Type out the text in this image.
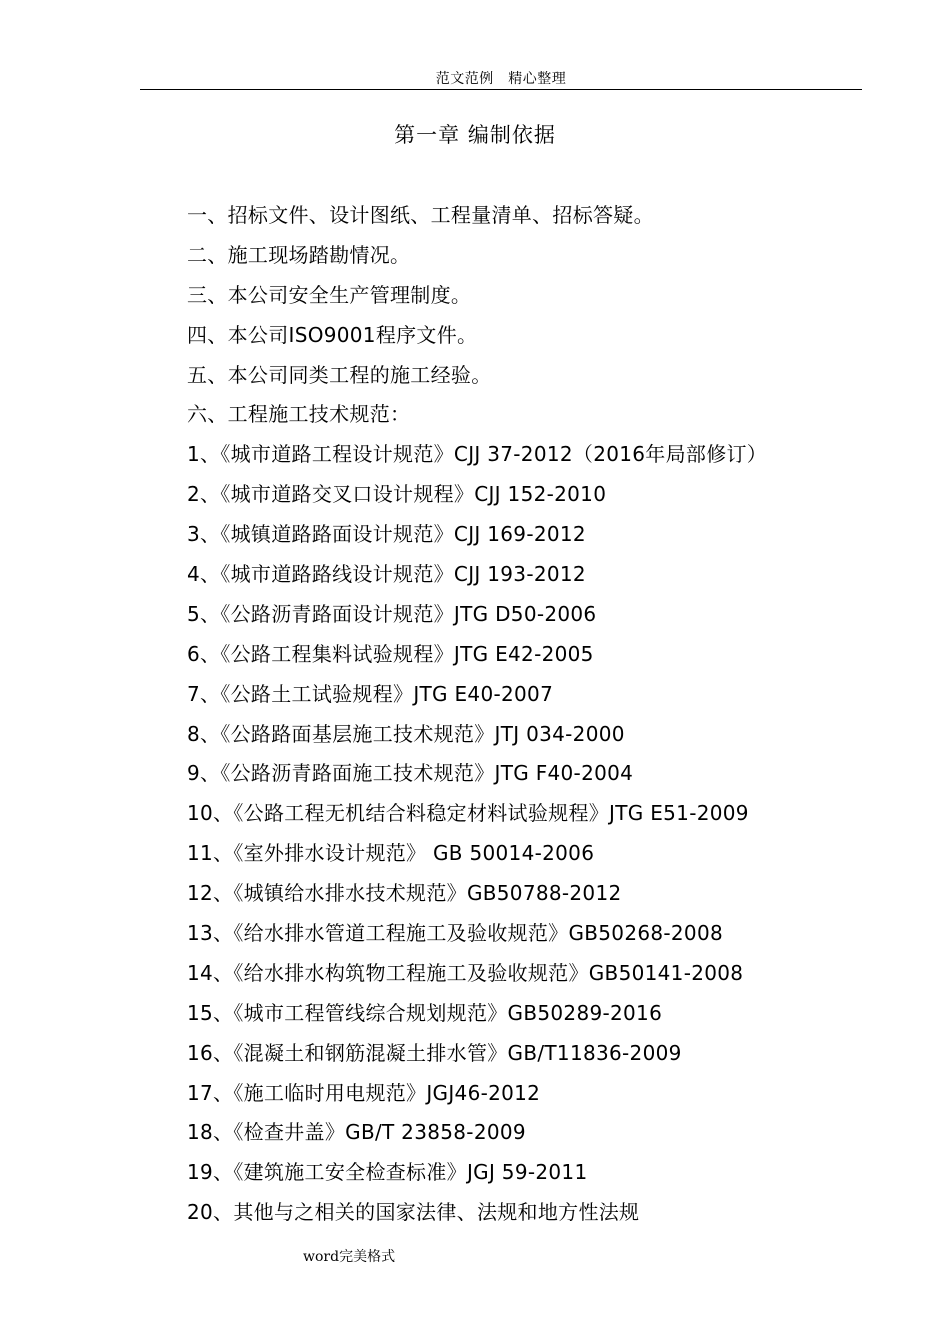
范文范例　精心整理
第一章 编制依据
一、招标文件、设计图纸、工程量清单、招标答疑。
二、施工现场踏勘情况。
三、本公司安全生产管理制度。
四、本公司ISO9001程序文件。
五、本公司同类工程的施工经验。
六、工程施工技术规范：
1、《城市道路工程设计规范》CJJ 37-2012（2016年局部修订）
2、《城市道路交叉口设计规程》CJJ 152-2010
3、《城镇道路路面设计规范》CJJ 169-2012
4、《城市道路路线设计规范》CJJ 193-2012
5、《公路沥青路面设计规范》JTG D50-2006
6、《公路工程集料试验规程》JTG E42-2005
7、《公路土工试验规程》JTG E40-2007
8、《公路路面基层施工技术规范》JTJ 034-2000
9、《公路沥青路面施工技术规范》JTG F40-2004
10、《公路工程无机结合料稳定材料试验规程》JTG E51-2009
11、《室外排水设计规范》 GB 50014-2006
12、《城镇给水排水技术规范》GB50788-2012
13、《给水排水管道工程施工及验收规范》GB50268-2008
14、《给水排水构筑物工程施工及验收规范》GB50141-2008
15、《城市工程管线综合规划规范》GB50289-2016
16、《混凝土和钢筋混凝土排水管》GB/T11836-2009
17、《施工临时用电规范》JGJ46-2012
18、《检查井盖》GB/T 23858-2009
19、《建筑施工安全检查标准》JGJ 59-2011
20、其他与之相关的国家法律、法规和地方性法规
word完美格式
